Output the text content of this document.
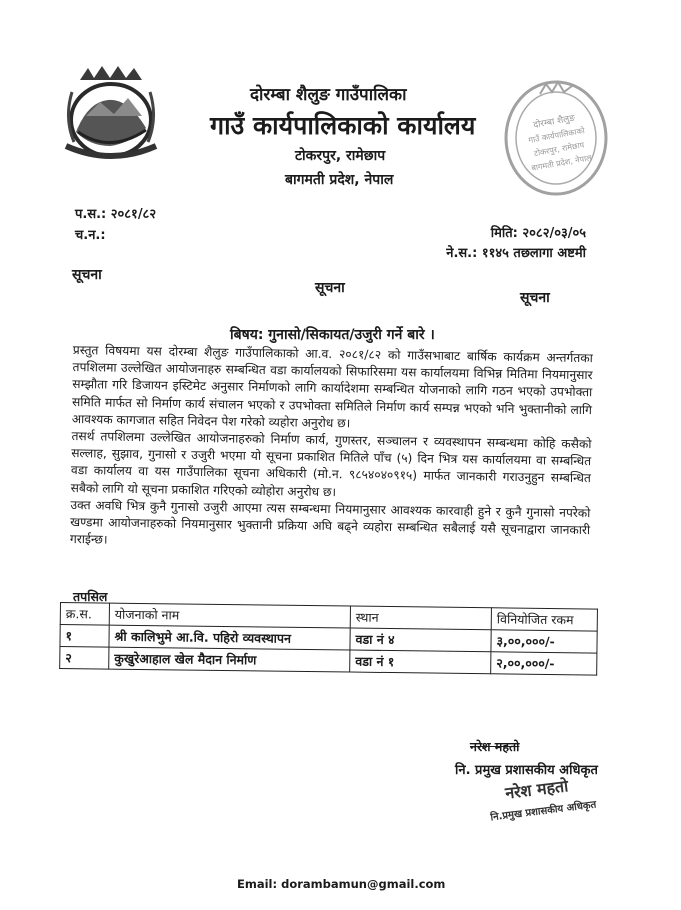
दोरम्बा शैलुङ
गाउँ कार्यपालिकाको
टोकरपुर, रामेछाप
बागमती प्रदेश, नेपाल
दोरम्बा शैलुङ गाउँपालिका
गाउँ कार्यपालिकाको कार्यालय
टोकरपुर, रामेछाप
बागमती प्रदेश, नेपाल
प.स.: २०८१/८२
च.न.:	मिति: २०८२/०३/०५
ने.स.: ११४५ तछलागा अष्टमी
सूचना
सूचना
सूचना
बिषय: गुनासो/सिकायत/उजुरी गर्ने बारे ।

प्रस्तुत विषयमा यस दोरम्बा शैलुङ गाउँपालिकाको आ.व. २०८१/८२ को गाउँसभाबाट बार्षिक कार्यक्रम अन्तर्गतका तपशिलमा उल्लेखित आयोजनाहरु सम्बन्धित वडा कार्यालयको सिफारिसमा यस कार्यालयमा विभिन्न मितिमा नियमानुसार सम्झौता गरि डिजायन इस्टिमेट अनुसार निर्माणको लागि कार्यादेशमा सम्बन्धित योजनाको लागि गठन भएको उपभोक्ता समिति मार्फत सो निर्माण कार्य संचालन भएको र उपभोक्ता समितिले निर्माण कार्य सम्पन्न भएको भनि भुक्तानीको लागि आवश्यक कागजात सहित निवेदन पेश गरेको व्यहोरा अनुरोध छ।

तसर्थ तपशिलमा उल्लेखित आयोजनाहरुको निर्माण कार्य, गुणस्तर, सञ्चालन र व्यवस्थापन सम्बन्धमा कोहि कसैको सल्लाह, सुझाव, गुनासो र उजुरी भएमा यो सूचना प्रकाशित मितिले पाँच (५) दिन भित्र यस कार्यालयमा वा सम्बन्धित वडा कार्यालय वा यस गाउँपालिका सूचना अधिकारी (मो.न. ९८५४०४०९१५) मार्फत जानकारी गराउनुहुन सम्बन्धित सबैको लागि यो सूचना प्रकाशित गरिएको व्योहोरा अनुरोध छ।

उक्त अवधि भित्र कुनै गुनासो उजुरी आएमा त्यस सम्बन्धमा नियमानुसार आवश्यक कारवाही हुने र कुनै गुनासो नपरेको खण्डमा आयोजनाहरुको नियमानुसार भुक्तानी प्रक्रिया अघि बढ्ने व्यहोरा सम्बन्धित सबैलाई यसै सूचनाद्वारा जानकारी गराईन्छ।

तपसिल
क्र.स.	योजनाको नाम	स्थान	विनियोजित रकम
१	श्री कालिभुमे आ.वि. पहिरो व्यवस्थापन	वडा नं ४	३,००,०००/-
२	कुखुरेआहाल खेल मैदान निर्माण	वडा नं १	२,००,०००/-
नरेश महतो
नि. प्रमुख प्रशासकीय अधिकृत
नरेश महतो
नि.प्रमुख प्रशासकीय अधिकृत
Email: dorambamun@gmail.com
